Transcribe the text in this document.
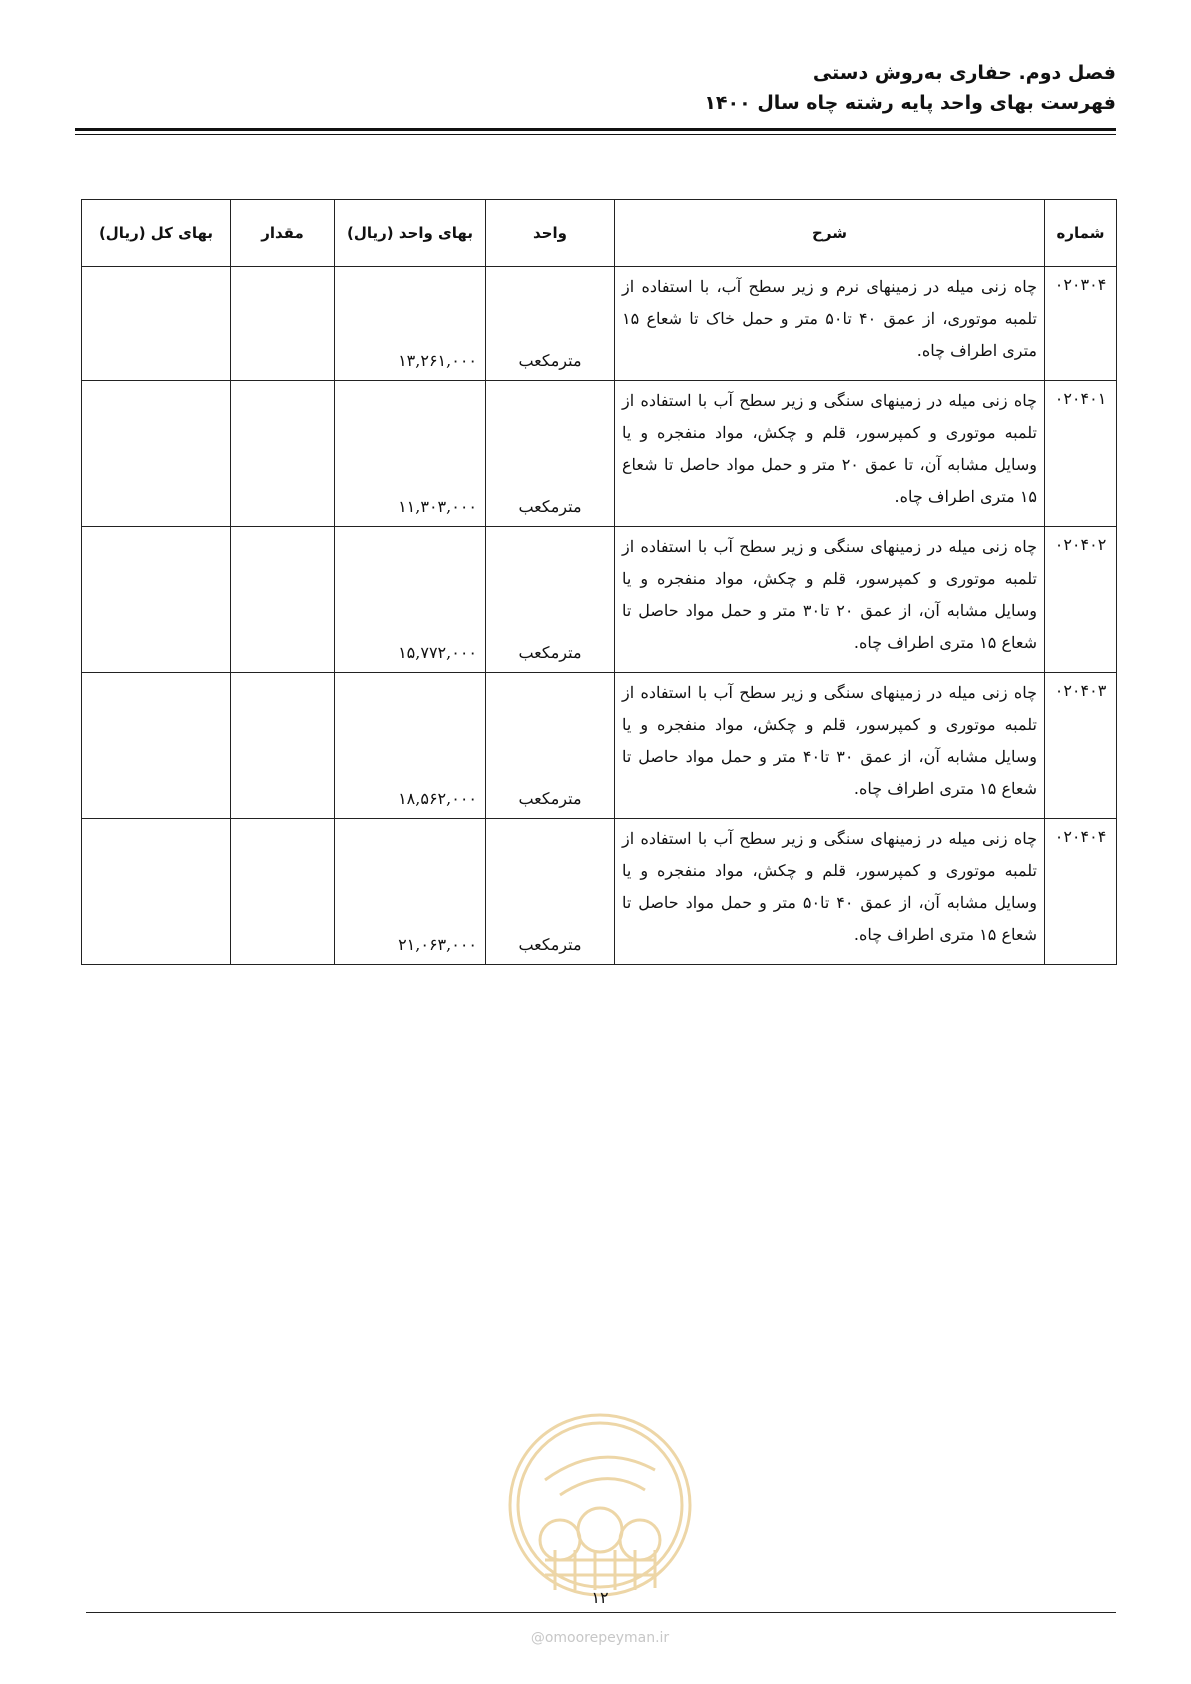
فصل دوم. حفاری به‌روش دستی
فهرست بهای واحد پایه رشته چاه سال ۱۴۰۰
شماره	شرح	واحد	بهای واحد (ریال)	مقدار	بهای کل (ریال)
۰۲۰۳۰۴	چاه زنی میله در زمینهای نرم و زیر سطح آب، با استفاده از تلمبه موتوری، از عمق ۴۰ تا۵۰ متر و حمل خاک تا شعاع ۱۵ متری اطراف چاه.	مترمکعب	۱۳,۲۶۱,۰۰۰		
۰۲۰۴۰۱	چاه زنی میله در زمینهای سنگی و زیر سطح آب با استفاده از تلمبه موتوری و کمپرسور، قلم و چکش، مواد منفجره و یا وسایل مشابه آن، تا عمق ۲۰ متر و حمل مواد حاصل تا شعاع ۱۵ متری اطراف چاه.	مترمکعب	۱۱,۳۰۳,۰۰۰		
۰۲۰۴۰۲	چاه زنی میله در زمینهای سنگی و زیر سطح آب با استفاده از تلمبه موتوری و کمپرسور، قلم و چکش، مواد منفجره و یا وسایل مشابه آن، از عمق ۲۰ تا۳۰ متر و حمل مواد حاصل تا شعاع ۱۵ متری اطراف چاه.	مترمکعب	۱۵,۷۷۲,۰۰۰		
۰۲۰۴۰۳	چاه زنی میله در زمینهای سنگی و زیر سطح آب با استفاده از تلمبه موتوری و کمپرسور، قلم و چکش، مواد منفجره و یا وسایل مشابه آن، از عمق ۳۰ تا۴۰ متر و حمل مواد حاصل تا شعاع ۱۵ متری اطراف چاه.	مترمکعب	۱۸,۵۶۲,۰۰۰		
۰۲۰۴۰۴	چاه زنی میله در زمینهای سنگی و زیر سطح آب با استفاده از تلمبه موتوری و کمپرسور، قلم و چکش، مواد منفجره و یا وسایل مشابه آن، از عمق ۴۰ تا۵۰ متر و حمل مواد حاصل تا شعاع ۱۵ متری اطراف چاه.	مترمکعب	۲۱,۰۶۳,۰۰۰		
۱۲
@omoorepeyman.ir
